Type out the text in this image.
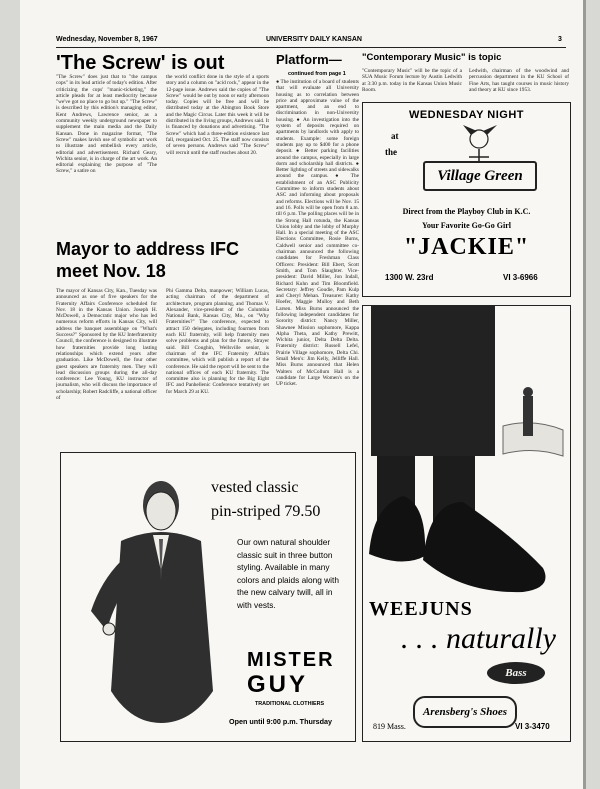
Wednesday, November 8, 1967	UNIVERSITY DAILY KANSAN	3
'The Screw' is out
"The Screw" does just that to "the campus cops" in its lead article of today's edition. After criticizing the cops' "manic-ticketing," the article pleads for at least mediocrity because "we've got no place to go but up." "The Screw" is described by this edition's managing editor, Kent Andrews, Lawrence senior, as a community weekly underground newspaper to supplement the main media and the Daily Kansan. Done in magazine format, "The Screw" makes lavish use of symbolic art work to illustrate and embellish every article, editorial and advertisement. Richard Geary, Wichita senior, is in charge of the art work. An editorial explaining the purpose of "The Screw," a satire on
the world conflict done in the style of a sports story and a column on "acid rock," appear in the 12-page issue. Andrews said the copies of "The Screw" would be out by noon or early afternoon today. Copies will be free and will be distributed today at the Abington Book Store and the Magic Circus. Later this week it will be distributed in the living groups, Andrews said. It is financed by donations and advertising. "The Screw" which had a three-edition existence last fall, reorganized Oct. 25. The staff now consists of seven persons. Andrews said "The Screw" will recruit until the staff reaches about 20.
Mayor to address IFC meet Nov. 18
The mayor of Kansas City, Kan., Tuesday was announced as one of five speakers for the Fraternity Affairs Conference scheduled for Nov. 18 in the Kansas Union. Joseph H. McDowell, a Democratic major who has led numerous reform efforts in Kansas City, will address the banquet assemblage on "What's Success?" Sponsored by the KU Interfraternity Council, the conference is designed to illustrate how fraternities provide long lasting relationships which extend years after graduation. Like McDowell, the four other guest speakers are fraternity men. They will lead discussion groups during the all-day conference: Lee Young, KU instructor of journalism, who will discuss the importance of scholarship; Robert Radcliffe, a national officer of
Phi Gamma Delta, manpower; William Lucas, acting chairman of the department of architecture, program planning, and Thomas V. Alexander, vice-president of the Columbia National Bank, Kansas City, Mo., on "Why Fraternities?" The conference, expected to attract 150 delegates, including fourmen from each KU fraternity, will help fraternity men solve problems and plan for the future, Strayer said. Bill Coughin, Wellsville senior, is chairman of the IFC Fraternity Affairs committee, which will publish a report of the conference. He said the report will be sent to the national offices of each KU fraternity. The committee also is planning for the Big Eight IFC and Panhellenic Conference tentatively set for March 29 at KU.
Platform—
continued from page 1
● The institution of a board of students that will evaluate all University housing as to correlation between price and approximate value of the apartment, and an end to discrimination in non-University housing. ● An investigation into the system of deposits required on apartments by landlords with apply to students. Example: some foreign students pay up to $400 for a phone deposit. ● Better parking facilities around the campus, especially in large dorm and scholarship hall districts. ● Better lighting of streets and sidewalks around the campus. ● The establishment of an ASC Publicity Committee to inform students about ASC and informing about proposals and reforms. Elections will be Nov. 15 and 16. Polls will be open from 8 a.m. till 6 p.m. The polling places will be in the Strong Hall rotunda, the Kansas Union lobby and the lobby of Murphy Hall. In a special meeting of the ASC Elections Committee, Rosie Burns, Caldwell senior and committee co-chairman announced the following candidates for Freshman Class Officers: President: Bill Ebert, Scott Smith, and Tom Slaughter. Vice-president: David Miller, Jon Indall, Richard Kuhn and Tim Bloomfield. Secretary: Jeffrey Goudie, Pam Kulp and Cheryl Mehan. Treasurer: Kathy Hoefer, Maggie Mulloy and Beth Larsen. Miss Burns announced the following independent candidates for Sorority district: Nancy Miller, Shawnee Mission sophomore, Kappa Alpha Theta, and Kathy Prewitt, Wichita junior, Delta Delta Delta. Fraternity district: Russell Lefel, Prairie Village sophomore, Delta Chi. Small Men's: Jim Kelly, Jelliffe Hall. Miss Burns announced that Helen Walters of McCollum Hall is a candidate for Large Women's on the UP ticket.
"Contemporary Music" is topic
"Contemporary Music" will be the topic of a SUA Music Forum lecture by Austin Ledwith at 3:30 p.m. today in the Kansas Union Music Room.
Ledwith, chairman of the woodwind and percussion department in the KU School of Fine Arts, has taught courses in music history and theory at KU since 1953.
WEDNESDAY NIGHT
at
the
Village Green
Direct from the Playboy Club in K.C.
Your Favorite Go-Go Girl
"JACKIE"
1300 W. 23rd	VI 3-6966
vested classic
pin-striped 79.50
Our own natural shoulder classic suit in three button styling. Available in many colors and plaids along with the new calvary twill, all in with vests.
MISTER
GUY
TRADITIONAL CLOTHIERS
Open until 9:00 p.m. Thursday
WEEJUNS
. . . naturally
Bass
Arensberg's Shoes
819 Mass.	VI 3-3470
